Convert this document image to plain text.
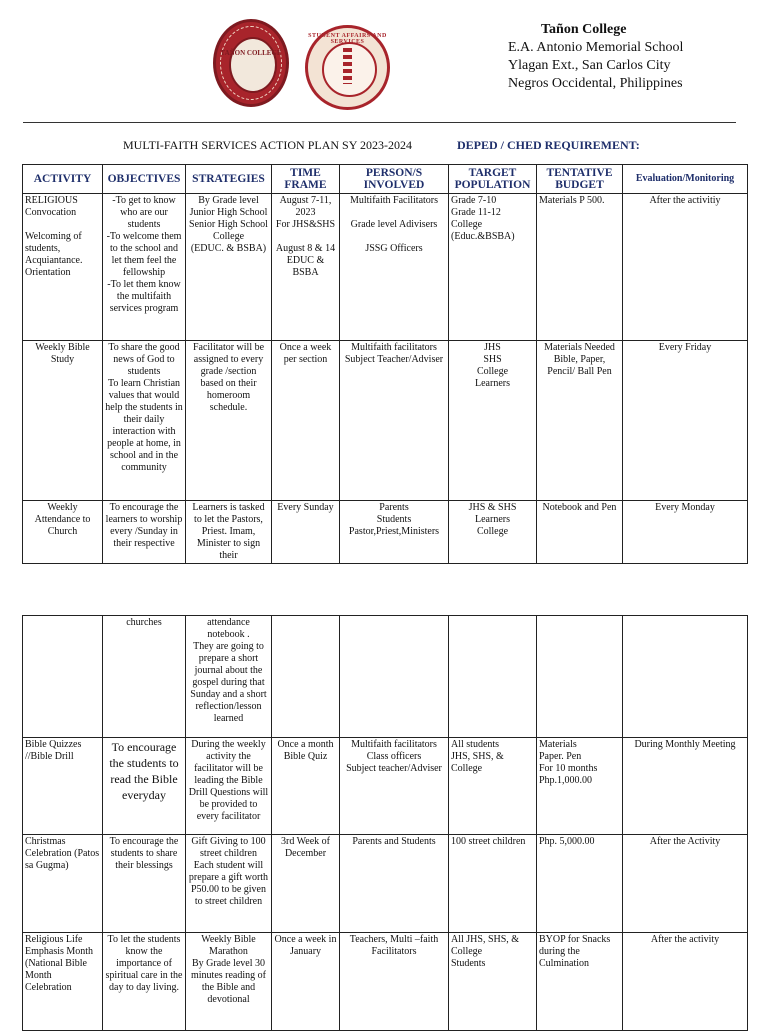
TAÑON COLLEGE
STUDENT AFFAIRS AND SERVICES
Tañon College
E.A. Antonio Memorial School
Ylagan Ext., San Carlos City
Negros Occidental, Philippines
MULTI-FAITH SERVICES ACTION PLAN SY 2023-2024	DEPED / CHED REQUIREMENT:
ACTIVITY	OBJECTIVES	STRATEGIES	TIME FRAME	PERSON/S INVOLVED	TARGET POPULATION	TENTATIVE BUDGET	Evaluation/Monitoring
RELIGIOUS Convocation

Welcoming of students, Acquiantance. Orientation	-To get to know who are our students
-To welcome them to the school and let them feel the fellowship
-To let them know the multifaith services program	By Grade level
Junior High School
Senior High School
College
(EDUC. & BSBA)	August 7-11, 2023
For JHS&SHS

August 8 & 14
EDUC & BSBA	Multifaith Facilitators

Grade level Adivisers

JSSG Officers	Grade 7-10
Grade 11-12
College
(Educ.&BSBA)	Materials P 500.	After the activitiy
Weekly Bible Study	To share the good news of God to students
To learn Christian values that would help the students in their daily interaction with people at home, in school and in the community	Facilitator will be assigned to every grade /section based on their homeroom schedule.	Once a week per section	Multifaith facilitators
Subject Teacher/Adviser	JHS
SHS
College
Learners	Materials Needed
Bible, Paper, Pencil/ Ball Pen	Every Friday
Weekly Attendance to Church	To encourage the learners to worship every /Sunday in their respective	Learners is tasked to let the Pastors, Priest. Imam, Minister to sign their	Every Sunday	Parents
Students
Pastor,Priest,Ministers	JHS & SHS
Learners
College	Notebook and Pen	Every Monday
	churches	attendance notebook .
They are going to prepare a short journal about the gospel during that Sunday and a short reflection/lesson learned					
Bible Quizzes //Bible Drill	To encourage the students to read the Bible everyday	During the weekly activity the facilitator will be leading the Bible Drill Questions will be provided to every facilitator	Once a month
Bible Quiz	Multifaith facilitators
Class officers
Subject teacher/Adviser	All students
JHS, SHS, &
College	Materials
Paper. Pen
For 10 months
Php.1,000.00	During Monthly Meeting
Christmas Celebration (Patos sa Gugma)	To encourage the students to share their blessings	Gift Giving to 100 street children
Each student will prepare a gift worth P50.00 to be given to street children	3rd Week of December	Parents and Students	100 street children	Php. 5,000.00	After the Activity
Religious Life Emphasis Month (National Bible Month Celebration	To let the students know the importance of spiritual care in the day to day living.	Weekly Bible Marathon
By Grade level 30 minutes reading of the Bible and devotional	Once a week in January	Teachers, Multi –faith Facilitators	All JHS, SHS, &
College
Students	BYOP for Snacks during the Culmination	After the activity
